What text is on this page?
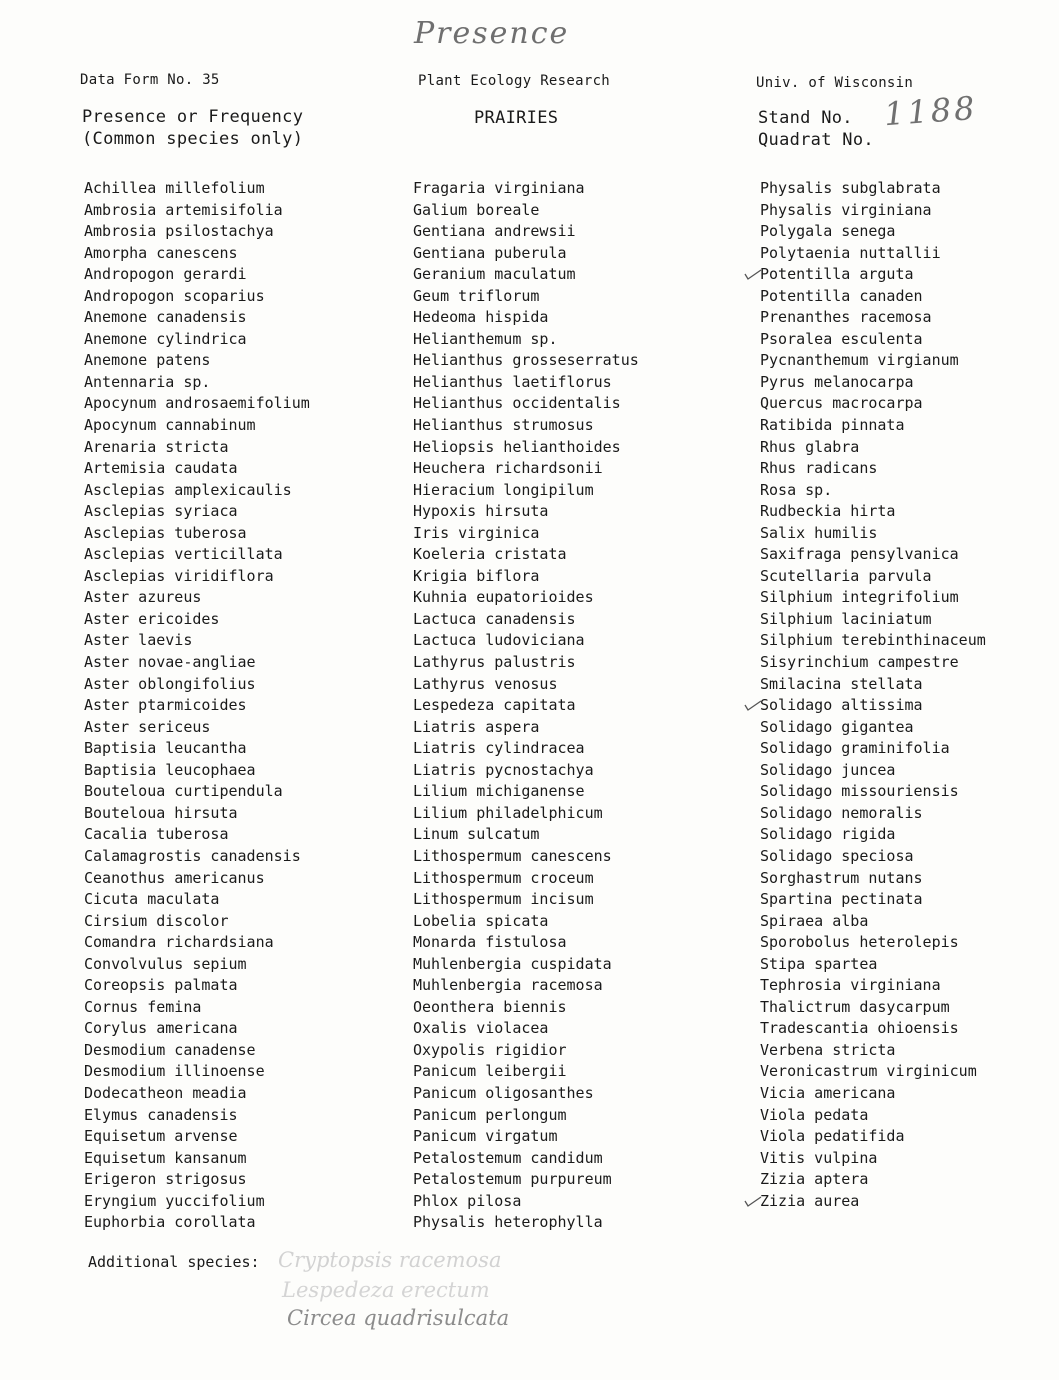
Presence
Data Form No. 35	Plant Ecology Research	Univ. of Wisconsin
Presence or Frequency
(Common species only)
PRAIRIES	Stand No.
Quadrat No.
1188
Achillea millefolium
Ambrosia artemisifolia
Ambrosia psilostachya
Amorpha canescens
Andropogon gerardi
Andropogon scoparius
Anemone canadensis
Anemone cylindrica
Anemone patens
Antennaria sp.
Apocynum androsaemifolium
Apocynum cannabinum
Arenaria stricta
Artemisia caudata
Asclepias amplexicaulis
Asclepias syriaca
Asclepias tuberosa
Asclepias verticillata
Asclepias viridiflora
Aster azureus
Aster ericoides
Aster laevis
Aster novae-angliae
Aster oblongifolius
Aster ptarmicoides
Aster sericeus
Baptisia leucantha
Baptisia leucophaea
Bouteloua curtipendula
Bouteloua hirsuta
Cacalia tuberosa
Calamagrostis canadensis
Ceanothus americanus
Cicuta maculata
Cirsium discolor
Comandra richardsiana
Convolvulus sepium
Coreopsis palmata
Cornus femina
Corylus americana
Desmodium canadense
Desmodium illinoense
Dodecatheon meadia
Elymus canadensis
Equisetum arvense
Equisetum kansanum
Erigeron strigosus
Eryngium yuccifolium
Euphorbia corollata
Fragaria virginiana
Galium boreale
Gentiana andrewsii
Gentiana puberula
Geranium maculatum
Geum triflorum
Hedeoma hispida
Helianthemum sp.
Helianthus grosseserratus
Helianthus laetiflorus
Helianthus occidentalis
Helianthus strumosus
Heliopsis helianthoides
Heuchera richardsonii
Hieracium longipilum
Hypoxis hirsuta
Iris virginica
Koeleria cristata
Krigia biflora
Kuhnia eupatorioides
Lactuca canadensis
Lactuca ludoviciana
Lathyrus palustris
Lathyrus venosus
Lespedeza capitata
Liatris aspera
Liatris cylindracea
Liatris pycnostachya
Lilium michiganense
Lilium philadelphicum
Linum sulcatum
Lithospermum canescens
Lithospermum croceum
Lithospermum incisum
Lobelia spicata
Monarda fistulosa
Muhlenbergia cuspidata
Muhlenbergia racemosa
Oeonthera biennis
Oxalis violacea
Oxypolis rigidior
Panicum leibergii
Panicum oligosanthes
Panicum perlongum
Panicum virgatum
Petalostemum candidum
Petalostemum purpureum
Phlox pilosa
Physalis heterophylla
Physalis subglabrata
Physalis virginiana
Polygala senega
Polytaenia nuttallii
Potentilla arguta
Potentilla canaden
Prenanthes racemosa
Psoralea esculenta
Pycnanthemum virgianum
Pyrus melanocarpa
Quercus macrocarpa
Ratibida pinnata
Rhus glabra
Rhus radicans
Rosa sp.
Rudbeckia hirta
Salix humilis
Saxifraga pensylvanica
Scutellaria parvula
Silphium integrifolium
Silphium laciniatum
Silphium terebinthinaceum
Sisyrinchium campestre
Smilacina stellata
Solidago altissima
Solidago gigantea
Solidago graminifolia
Solidago juncea
Solidago missouriensis
Solidago nemoralis
Solidago rigida
Solidago speciosa
Sorghastrum nutans
Spartina pectinata
Spiraea alba
Sporobolus heterolepis
Stipa spartea
Tephrosia virginiana
Thalictrum dasycarpum
Tradescantia ohioensis
Verbena stricta
Veronicastrum virginicum
Vicia americana
Viola pedata
Viola pedatifida
Vitis vulpina
Zizia aptera
Zizia aurea
Additional species: Cryptopsis racemosa
Lespedeza erectum
Circea quadrisulcata
